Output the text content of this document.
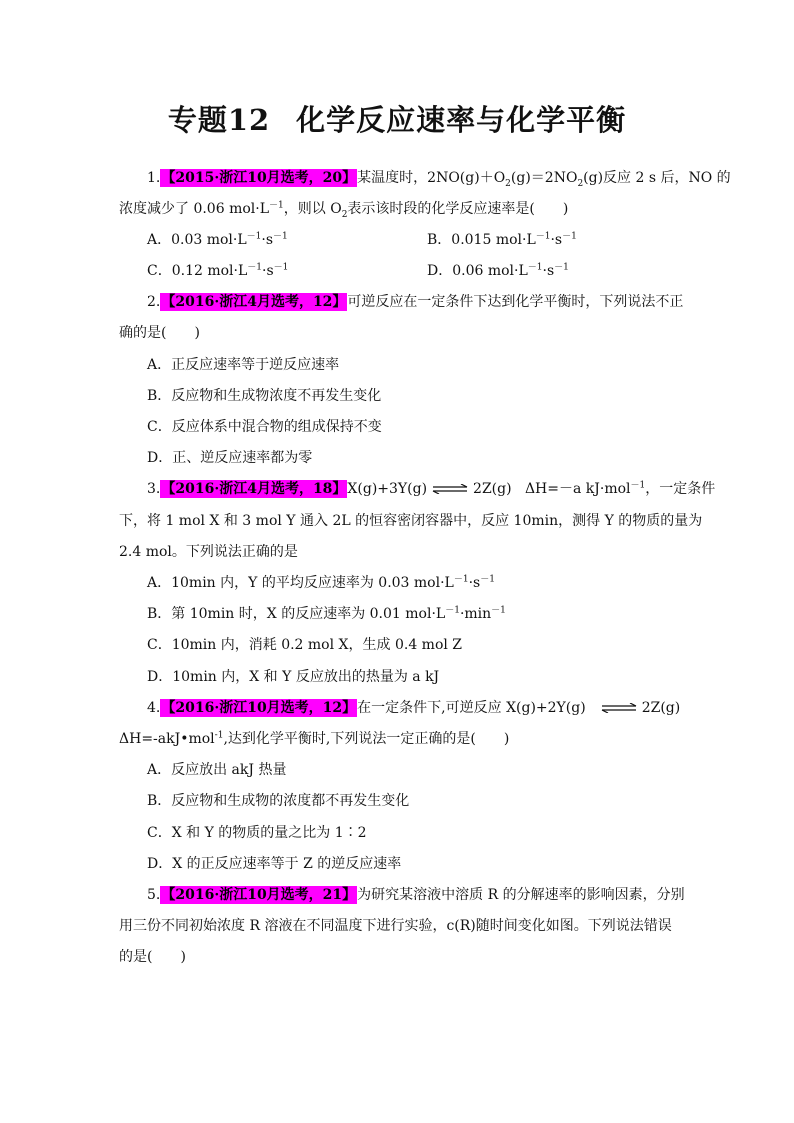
专题12 化学反应速率与化学平衡
1.【2015·浙江10月选考，20】某温度时，$2NO(g)+O_2(g)=2NO_2(g)$反应 2 s 后，NO 的
浓度减少了 0.06 $mol\cdot L^{-1}$，则以 $O_2$表示该时段的化学反应速率是(　　)
A．0.03 $mol\cdot L^{-1}\cdot s^{-1}$	B．0.015 $mol\cdot L^{-1}\cdot s^{-1}$
C．0.12 $mol\cdot L^{-1}\cdot s^{-1}$	D．0.06 $mol\cdot L^{-1}\cdot s^{-1}$
2.【2016·浙江4月选考，12】可逆反应在一定条件下达到化学平衡时，下列说法不正
确的是(　　)
A．正反应速率等于逆反应速率
B．反应物和生成物浓度不再发生变化
C．反应体系中混合物的组成保持不变
D．正、逆反应速率都为零
3.【2016·浙江4月选考，18】X(g)+3Y(g) ⇌ 2Z(g) ΔH=－a kJ·mol$^{-1}$，一定条件
下，将 1 mol X 和 3 mol Y 通入 2L 的恒容密闭容器中，反应 10min，测得 Y 的物质的量为
2.4 mol。下列说法正确的是
A．10min 内，Y 的平均反应速率为 0.03 $mol\cdot L^{-1}\cdot s^{-1}$
B．第 10min 时，X 的反应速率为 0.01 $mol\cdot L^{-1}\cdot\min^{-1}$
C．10min 内，消耗 0.2 mol X，生成 0.4 mol Z
D．10min 内，X 和 Y 反应放出的热量为 a kJ
4.【2016·浙江10月选考，12】在一定条件下,可逆反应 X(g)+2Y(g) ⇌ 2Z(g)
ΔH=-akJ•mol$^{-1}$,达到化学平衡时,下列说法一定正确的是(　　)
A．反应放出 akJ 热量
B．反应物和生成物的浓度都不再发生变化
C．X 和 Y 的物质的量之比为 1∶2
D．X 的正反应速率等于 Z 的逆反应速率
5.【2016·浙江10月选考，21】为研究某溶液中溶质 R 的分解速率的影响因素，分别
用三份不同初始浓度 R 溶液在不同温度下进行实验，c(R)随时间变化如图。下列说法错误
的是(　　)
